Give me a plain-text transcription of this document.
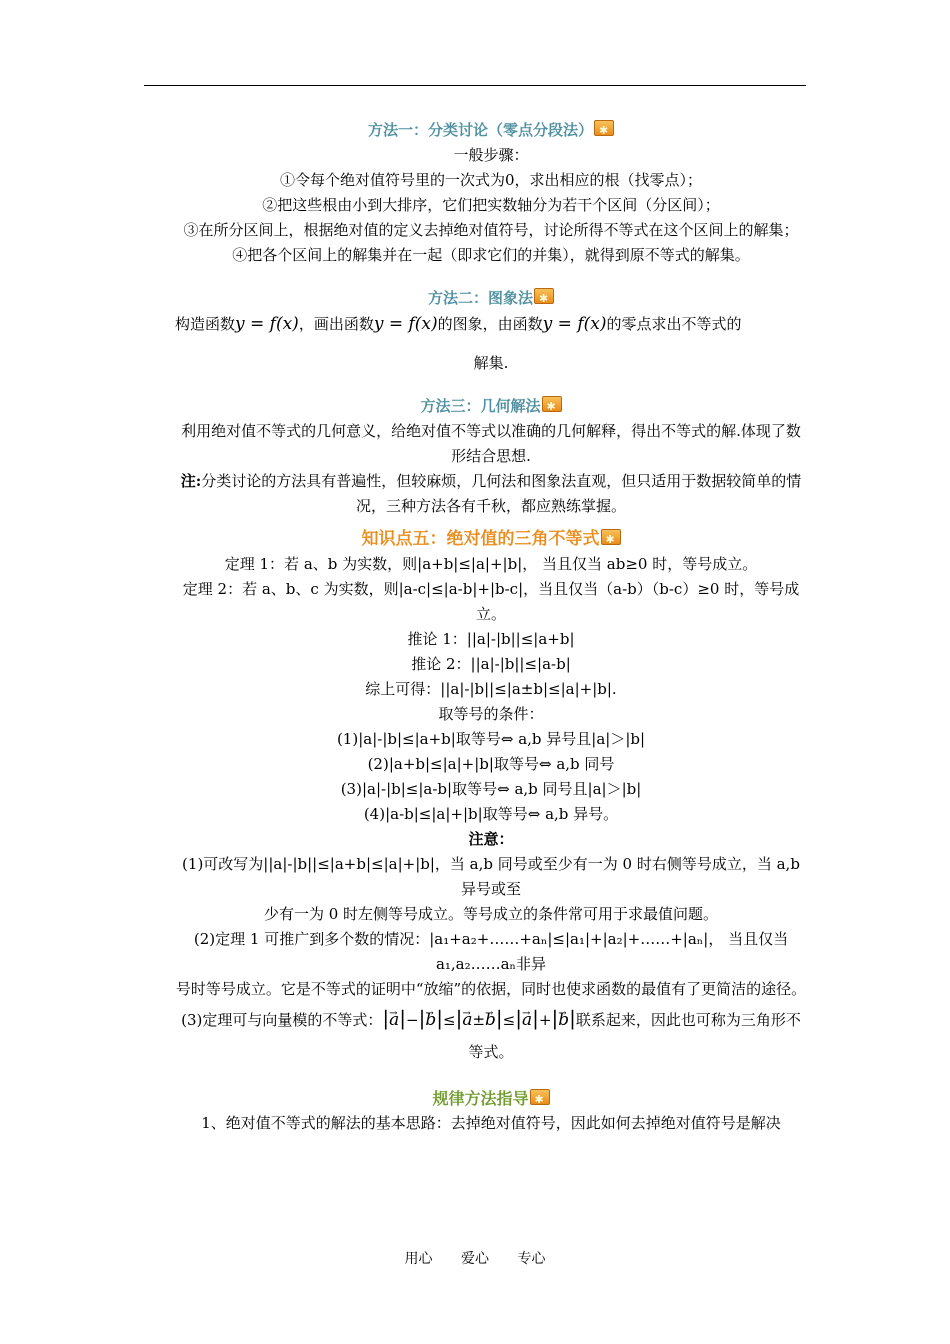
方法一：分类讨论（零点分段法）✱
一般步骤：
①令每个绝对值符号里的一次式为0，求出相应的根（找零点）；
②把这些根由小到大排序，它们把实数轴分为若干个区间（分区间）；
③在所分区间上，根据绝对值的定义去掉绝对值符号，讨论所得不等式在这个区间上的解集；
④把各个区间上的解集并在一起（即求它们的并集），就得到原不等式的解集。
方法二：图象法✱
构造函数y = f(x)，画出函数y = f(x)的图象，由函数y = f(x)的零点求出不等式的
解集.
方法三：几何解法✱
利用绝对值不等式的几何意义，给绝对值不等式以准确的几何解释，得出不等式的解.体现了数形结合思想.
注:分类讨论的方法具有普遍性，但较麻烦，几何法和图象法直观，但只适用于数据较简单的情况，三种方法各有千秋，都应熟练掌握。
知识点五：绝对值的三角不等式✱
定理 1：若 a、b 为实数，则|a+b|≤|a|+|b|， 当且仅当 ab≥0 时，等号成立。
定理 2：若 a、b、c 为实数，则|a-c|≤|a-b|+|b-c|，当且仅当（a-b）（b-c）≥0 时，等号成立。
推论 1：||a|-|b||≤|a+b|
推论 2：||a|-|b||≤|a-b|
综上可得：||a|-|b||≤|a±b|≤|a|+|b|.
取等号的条件：
(1)|a|-|b|≤|a+b|取等号⇔ a,b 异号且|a|＞|b|
(2)|a+b|≤|a|+|b|取等号⇔ a,b 同号
(3)|a|-|b|≤|a-b|取等号⇔ a,b 同号且|a|＞|b|
(4)|a-b|≤|a|+|b|取等号⇔ a,b 异号。
注意：
(1)可改写为||a|-|b||≤|a+b|≤|a|+|b|，当 a,b 同号或至少有一为 0 时右侧等号成立，当 a,b 异号或至
少有一为 0 时左侧等号成立。等号成立的条件常可用于求最值问题。
(2)定理 1 可推广到多个数的情况：|a₁+a₂+……+aₙ|≤|a₁|+|a₂|+……+|aₙ|， 当且仅当 a₁,a₂……aₙ非异
号时等号成立。它是不等式的证明中“放缩”的依据，同时也使求函数的最值有了更简洁的途径。
(3)定理可与向量模的不等式：|→ a|−|→ b|≤|→ a±→ b|≤|→ a|+|→ b|联系起来，因此也可称为三角形不等式。
规律方法指导✱
1、绝对值不等式的解法的基本思路：去掉绝对值符号，因此如何去掉绝对值符号是解决
用心 爱心 专心
